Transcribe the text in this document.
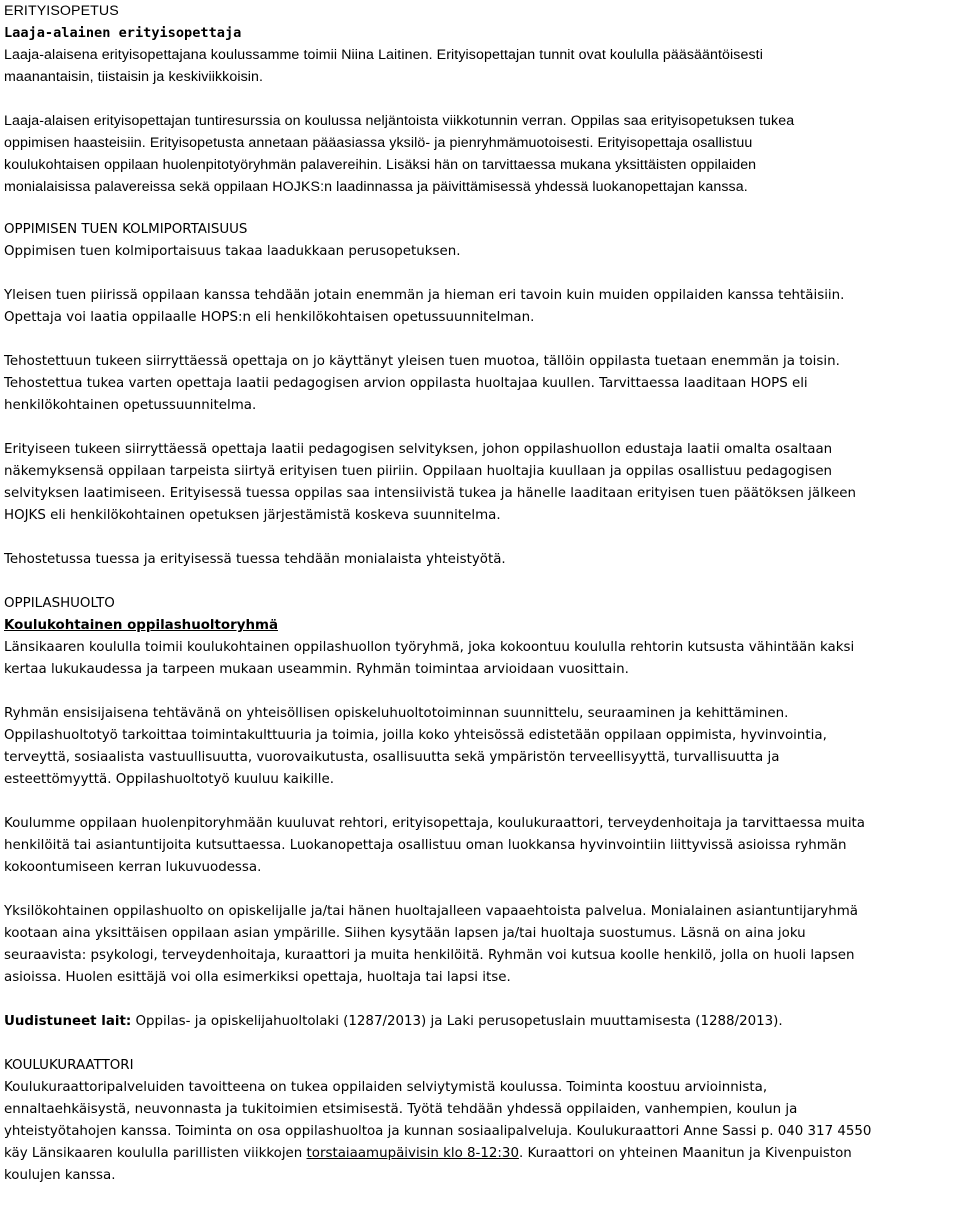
ERITYISOPETUS

Laaja-alainen erityisopettaja

Laaja-alaisena erityisopettajana koulussamme toimii Niina Laitinen. Erityisopettajan tunnit ovat koululla pääsääntöisesti

maanantaisin, tiistaisin ja keskiviikkoisin.

Laaja-alaisen erityisopettajan tuntiresurssia on koulussa neljäntoista viikkotunnin verran. Oppilas saa erityisopetuksen tukea

oppimisen haasteisiin. Erityisopetusta annetaan pääasiassa yksilö- ja pienryhmämuotoisesti. Erityisopettaja osallistuu

koulukohtaisen oppilaan huolenpitotyöryhmän palavereihin. Lisäksi hän on tarvittaessa mukana yksittäisten oppilaiden

monialaisissa palavereissa sekä oppilaan HOJKS:n laadinnassa ja päivittämisessä yhdessä luokanopettajan kanssa.

OPPIMISEN TUEN KOLMIPORTAISUUS

Oppimisen tuen kolmiportaisuus takaa laadukkaan perusopetuksen.

Yleisen tuen piirissä oppilaan kanssa tehdään jotain enemmän ja hieman eri tavoin kuin muiden oppilaiden kanssa tehtäisiin.

Opettaja voi laatia oppilaalle HOPS:n eli henkilökohtaisen opetussuunnitelman.

Tehostettuun tukeen siirryttäessä opettaja on jo käyttänyt yleisen tuen muotoa, tällöin oppilasta tuetaan enemmän ja toisin.

Tehostettua tukea varten opettaja laatii pedagogisen arvion oppilasta huoltajaa kuullen. Tarvittaessa laaditaan HOPS eli

henkilökohtainen opetussuunnitelma.

Erityiseen tukeen siirryttäessä opettaja laatii pedagogisen selvityksen, johon oppilashuollon edustaja laatii omalta osaltaan

näkemyksensä oppilaan tarpeista siirtyä erityisen tuen piiriin. Oppilaan huoltajia kuullaan ja oppilas osallistuu pedagogisen

selvityksen laatimiseen. Erityisessä tuessa oppilas saa intensiivistä tukea ja hänelle laaditaan erityisen tuen päätöksen jälkeen

HOJKS eli henkilökohtainen opetuksen järjestämistä koskeva suunnitelma.

Tehostetussa tuessa ja erityisessä tuessa tehdään monialaista yhteistyötä.

OPPILASHUOLTO

Koulukohtainen oppilashuoltoryhmä

Länsikaaren koululla toimii koulukohtainen oppilashuollon työryhmä, joka kokoontuu koululla rehtorin kutsusta vähintään kaksi

kertaa lukukaudessa ja tarpeen mukaan useammin. Ryhmän toimintaa arvioidaan vuosittain.

Ryhmän ensisijaisena tehtävänä on yhteisöllisen opiskeluhuoltotoiminnan suunnittelu, seuraaminen ja kehittäminen.

Oppilashuoltotyö tarkoittaa toimintakulttuuria ja toimia, joilla koko yhteisössä edistetään oppilaan oppimista, hyvinvointia,

terveyttä, sosiaalista vastuullisuutta, vuorovaikutusta, osallisuutta sekä ympäristön terveellisyyttä, turvallisuutta ja

esteettömyyttä. Oppilashuoltotyö kuuluu kaikille.

Koulumme oppilaan huolenpitoryhmään kuuluvat rehtori, erityisopettaja, koulukuraattori, terveydenhoitaja ja tarvittaessa muita

henkilöitä tai asiantuntijoita kutsuttaessa. Luokanopettaja osallistuu oman luokkansa hyvinvointiin liittyvissä asioissa ryhmän

kokoontumiseen kerran lukuvuodessa.

Yksilökohtainen oppilashuolto on opiskelijalle ja/tai hänen huoltajalleen vapaaehtoista palvelua. Monialainen asiantuntijaryhmä

kootaan aina yksittäisen oppilaan asian ympärille. Siihen kysytään lapsen ja/tai huoltaja suostumus. Läsnä on aina joku

seuraavista: psykologi, terveydenhoitaja, kuraattori ja muita henkilöitä. Ryhmän voi kutsua koolle henkilö, jolla on huoli lapsen

asioissa. Huolen esittäjä voi olla esimerkiksi opettaja, huoltaja tai lapsi itse.

Uudistuneet lait: Oppilas- ja opiskelijahuoltolaki (1287/2013) ja Laki perusopetuslain muuttamisesta (1288/2013).

KOULUKURAATTORI

Koulukuraattoripalveluiden tavoitteena on tukea oppilaiden selviytymistä koulussa. Toiminta koostuu arvioinnista,

ennaltaehkäisystä, neuvonnasta ja tukitoimien etsimisestä. Työtä tehdään yhdessä oppilaiden, vanhempien, koulun ja

yhteistyötahojen kanssa. Toiminta on osa oppilashuoltoa ja kunnan sosiaalipalveluja. Koulukuraattori Anne Sassi p. 040 317 4550

käy Länsikaaren koululla parillisten viikkojen torstaiaamupäivisin klo 8-12:30. Kuraattori on yhteinen Maanitun ja Kivenpuiston

koulujen kanssa.
